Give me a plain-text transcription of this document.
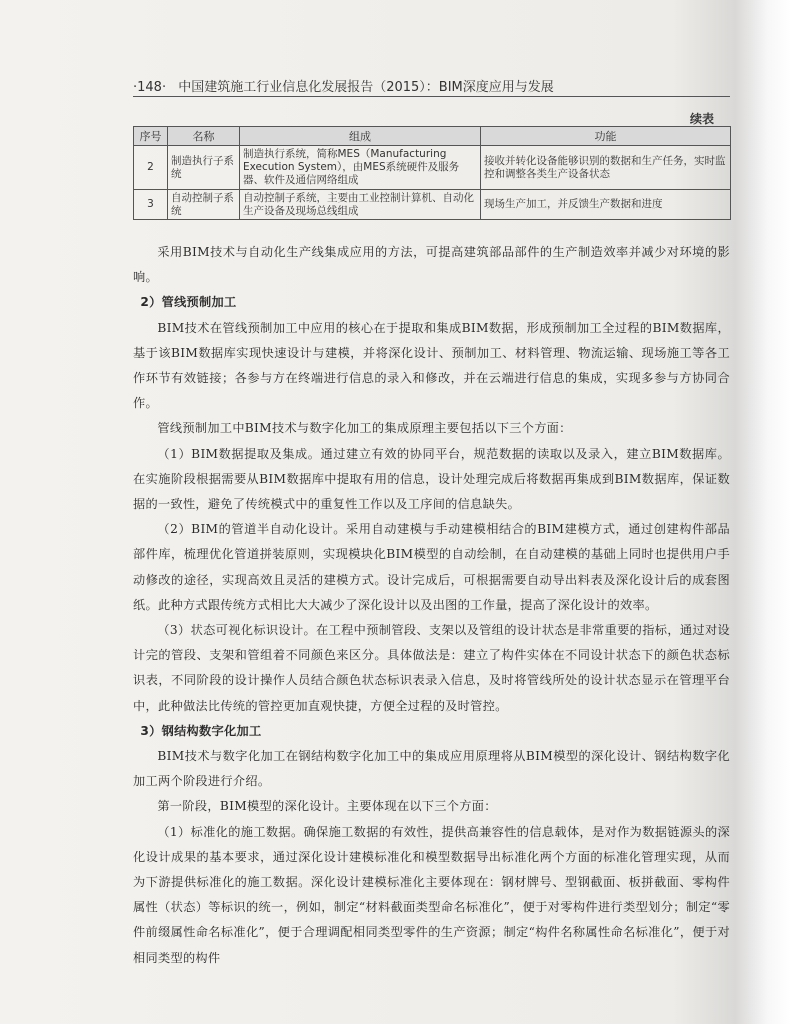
·148· 中国建筑施工行业信息化发展报告（2015）：BIM深度应用与发展
续表
序号	名称	组成	功能
2	制造执行子系统	制造执行系统，简称MES（Manufacturing Execution System），由MES系统硬件及服务器、软件及通信网络组成	接收并转化设备能够识别的数据和生产任务，实时监控和调整各类生产设备状态
3	自动控制子系统	自动控制子系统，主要由工业控制计算机、自动化生产设备及现场总线组成	现场生产加工，并反馈生产数据和进度

采用BIM技术与自动化生产线集成应用的方法，可提高建筑部品部件的生产制造效率并减少对环境的影响。

2）管线预制加工

BIM技术在管线预制加工中应用的核心在于提取和集成BIM数据，形成预制加工全过程的BIM数据库，基于该BIM数据库实现快速设计与建模，并将深化设计、预制加工、材料管理、物流运输、现场施工等各工作环节有效链接；各参与方在终端进行信息的录入和修改，并在云端进行信息的集成，实现多参与方协同合作。

管线预制加工中BIM技术与数字化加工的集成原理主要包括以下三个方面：

（1）BIM数据提取及集成。通过建立有效的协同平台，规范数据的读取以及录入，建立BIM数据库。在实施阶段根据需要从BIM数据库中提取有用的信息，设计处理完成后将数据再集成到BIM数据库，保证数据的一致性，避免了传统模式中的重复性工作以及工序间的信息缺失。

（2）BIM的管道半自动化设计。采用自动建模与手动建模相结合的BIM建模方式，通过创建构件部品部件库，梳理优化管道拼装原则，实现模块化BIM模型的自动绘制，在自动建模的基础上同时也提供用户手动修改的途径，实现高效且灵活的建模方式。设计完成后，可根据需要自动导出料表及深化设计后的成套图纸。此种方式跟传统方式相比大大减少了深化设计以及出图的工作量，提高了深化设计的效率。

（3）状态可视化标识设计。在工程中预制管段、支架以及管组的设计状态是非常重要的指标，通过对设计完的管段、支架和管组着不同颜色来区分。具体做法是：建立了构件实体在不同设计状态下的颜色状态标识表，不同阶段的设计操作人员结合颜色状态标识表录入信息，及时将管线所处的设计状态显示在管理平台中，此种做法比传统的管控更加直观快捷，方便全过程的及时管控。

3）钢结构数字化加工

BIM技术与数字化加工在钢结构数字化加工中的集成应用原理将从BIM模型的深化设计、钢结构数字化加工两个阶段进行介绍。

第一阶段，BIM模型的深化设计。主要体现在以下三个方面：

（1）标准化的施工数据。确保施工数据的有效性，提供高兼容性的信息载体，是对作为数据链源头的深化设计成果的基本要求，通过深化设计建模标准化和模型数据导出标准化两个方面的标准化管理实现，从而为下游提供标准化的施工数据。深化设计建模标准化主要体现在：钢材牌号、型钢截面、板拼截面、零构件属性（状态）等标识的统一，例如，制定“材料截面类型命名标准化”，便于对零构件进行类型划分；制定“零件前缀属性命名标准化”，便于合理调配相同类型零件的生产资源；制定“构件名称属性命名标准化”，便于对相同类型的构件
